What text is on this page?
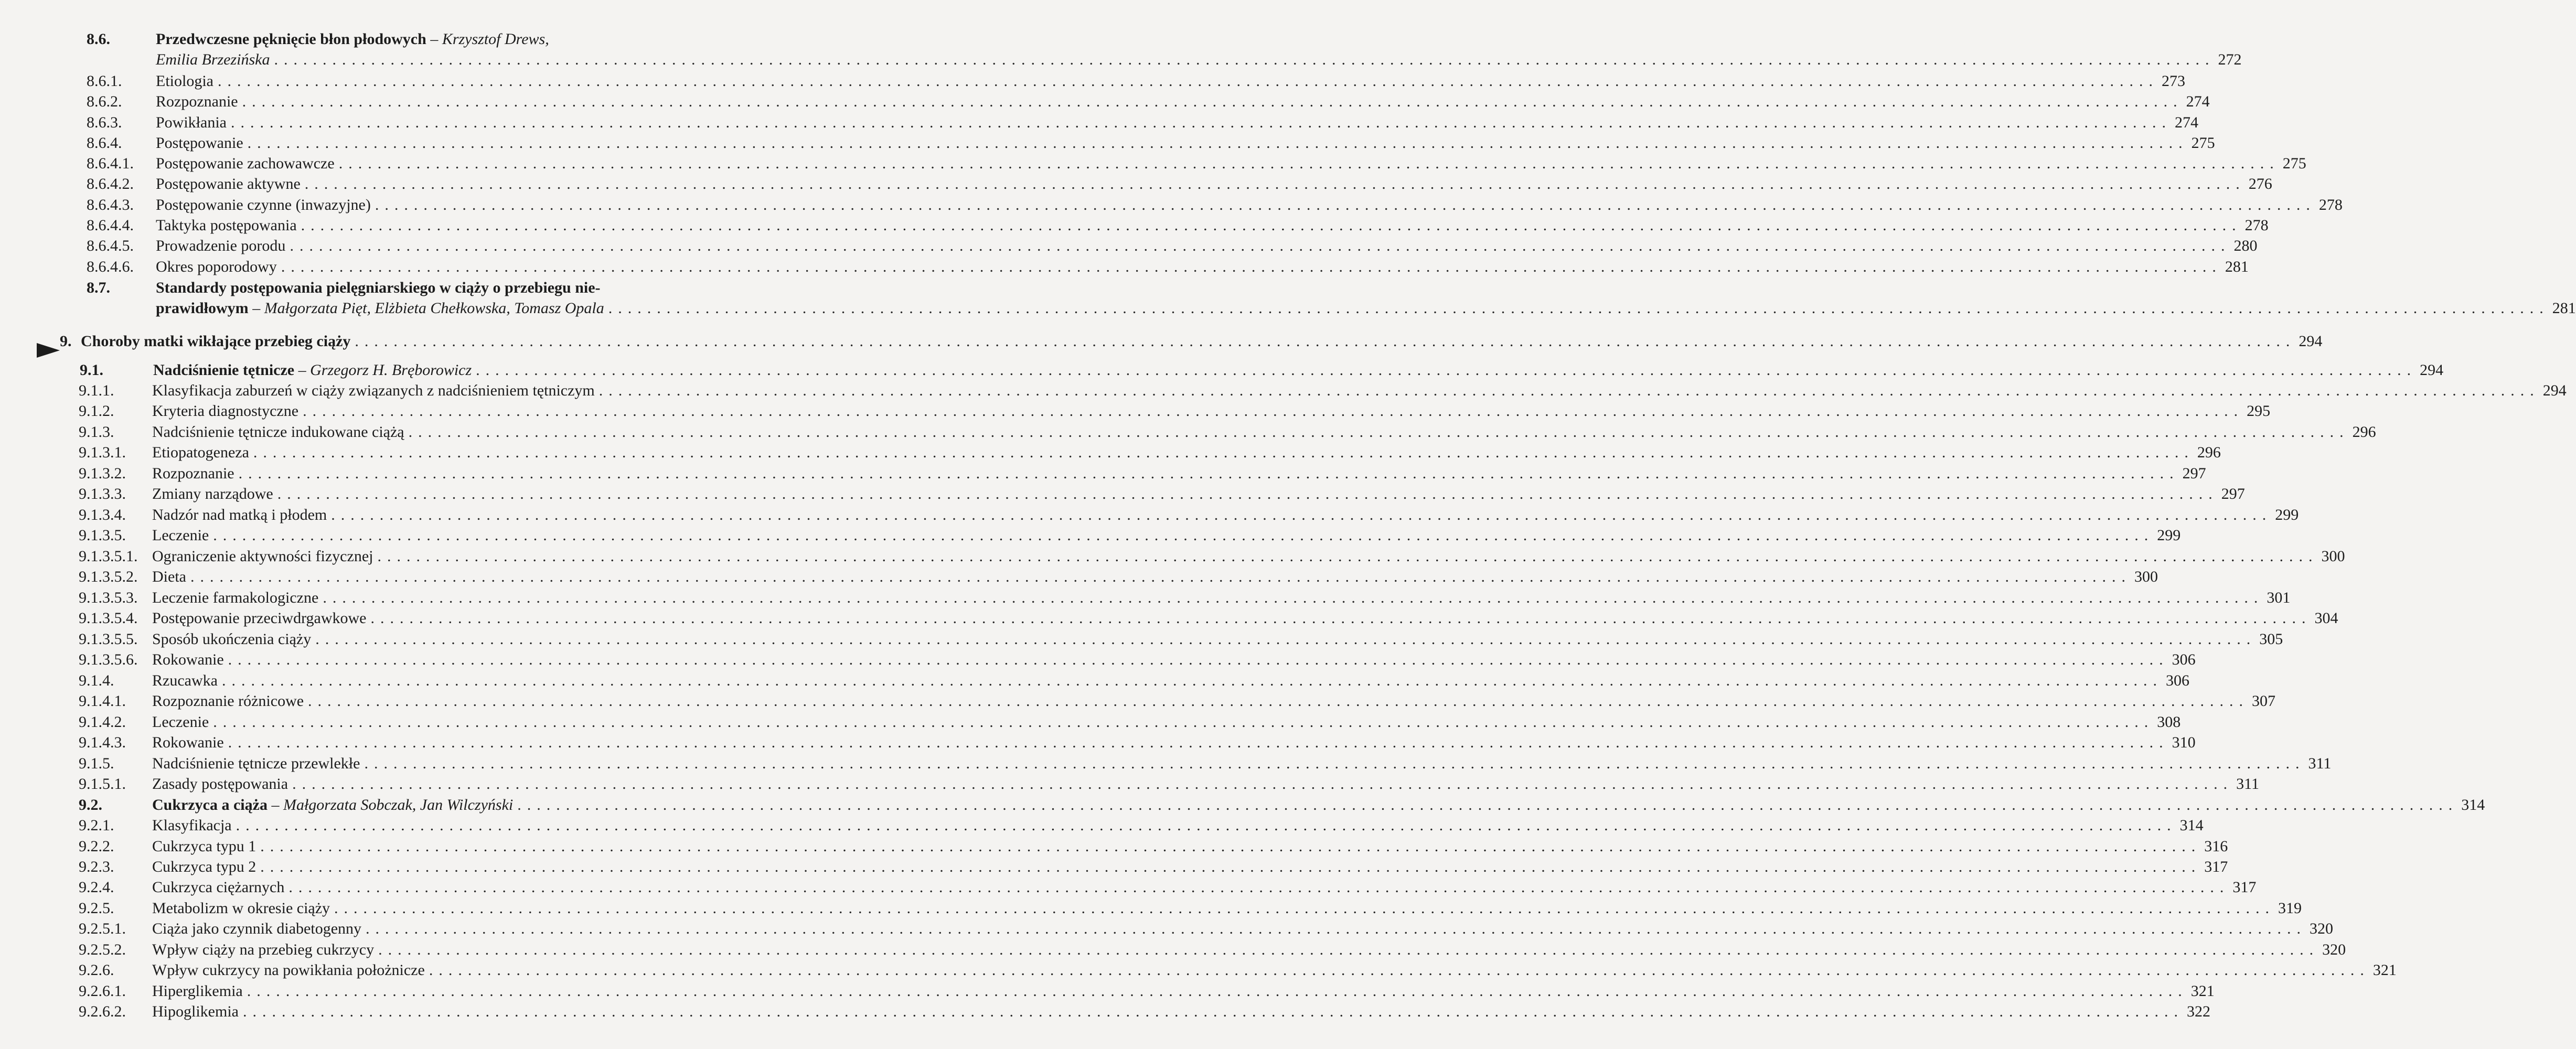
8.6.	Przedwczesne pęknięcie błon płodowych – Krzysztof Drews,
Emilia Brzezińska ........................................................................................................................................................................................................ 272
8.6.1. Etiologia ........................................................................................................................................................................................................ 273
8.6.2. Rozpoznanie ........................................................................................................................................................................................................ 274
8.6.3. Powikłania ........................................................................................................................................................................................................ 274
8.6.4. Postępowanie ........................................................................................................................................................................................................ 275
8.6.4.1. Postępowanie zachowawcze ........................................................................................................................................................................................................ 275
8.6.4.2. Postępowanie aktywne ........................................................................................................................................................................................................ 276
8.6.4.3. Postępowanie czynne (inwazyjne) ........................................................................................................................................................................................................ 278
8.6.4.4. Taktyka postępowania ........................................................................................................................................................................................................ 278
8.6.4.5. Prowadzenie porodu ........................................................................................................................................................................................................ 280
8.6.4.6. Okres poporodowy ........................................................................................................................................................................................................ 281
8.7.	Standardy postępowania pielęgniarskiego w ciąży o przebiegu nie-
prawidłowym – Małgorzata Pięt, Elżbieta Chełkowska, Tomasz Opala ........................................................................................................................................................................................................ 281
9. Choroby matki wikłające przebieg ciąży ........................................................................................................................................................................................................ 294
9.1.	Nadciśnienie tętnicze – Grzegorz H. Bręborowicz ........................................................................................................................................................................................................ 294
9.1.1. Klasyfikacja zaburzeń w ciąży związanych z nadciśnieniem tętniczym ........................................................................................................................................................................................................ 294
9.1.2. Kryteria diagnostyczne ........................................................................................................................................................................................................ 295
9.1.3. Nadciśnienie tętnicze indukowane ciążą ........................................................................................................................................................................................................ 296
9.1.3.1. Etiopatogeneza ........................................................................................................................................................................................................ 296
9.1.3.2. Rozpoznanie ........................................................................................................................................................................................................ 297
9.1.3.3. Zmiany narządowe ........................................................................................................................................................................................................ 297
9.1.3.4. Nadzór nad matką i płodem ........................................................................................................................................................................................................ 299
9.1.3.5. Leczenie ........................................................................................................................................................................................................ 299
9.1.3.5.1. Ograniczenie aktywności fizycznej ........................................................................................................................................................................................................ 300
9.1.3.5.2. Dieta ........................................................................................................................................................................................................ 300
9.1.3.5.3. Leczenie farmakologiczne ........................................................................................................................................................................................................ 301
9.1.3.5.4. Postępowanie przeciwdrgawkowe ........................................................................................................................................................................................................ 304
9.1.3.5.5. Sposób ukończenia ciąży ........................................................................................................................................................................................................ 305
9.1.3.5.6. Rokowanie ........................................................................................................................................................................................................ 306
9.1.4. Rzucawka ........................................................................................................................................................................................................ 306
9.1.4.1. Rozpoznanie różnicowe ........................................................................................................................................................................................................ 307
9.1.4.2. Leczenie ........................................................................................................................................................................................................ 308
9.1.4.3. Rokowanie ........................................................................................................................................................................................................ 310
9.1.5. Nadciśnienie tętnicze przewlekłe ........................................................................................................................................................................................................ 311
9.1.5.1. Zasady postępowania ........................................................................................................................................................................................................ 311
9.2.	Cukrzyca a ciąża – Małgorzata Sobczak, Jan Wilczyński ........................................................................................................................................................................................................ 314
9.2.1. Klasyfikacja ........................................................................................................................................................................................................ 314
9.2.2. Cukrzyca typu 1 ........................................................................................................................................................................................................ 316
9.2.3. Cukrzyca typu 2 ........................................................................................................................................................................................................ 317
9.2.4. Cukrzyca ciężarnych ........................................................................................................................................................................................................ 317
9.2.5. Metabolizm w okresie ciąży ........................................................................................................................................................................................................ 319
9.2.5.1. Ciąża jako czynnik diabetogenny ........................................................................................................................................................................................................ 320
9.2.5.2. Wpływ ciąży na przebieg cukrzycy ........................................................................................................................................................................................................ 320
9.2.6. Wpływ cukrzycy na powikłania położnicze ........................................................................................................................................................................................................ 321
9.2.6.1. Hiperglikemia ........................................................................................................................................................................................................ 321
9.2.6.2. Hipoglikemia ........................................................................................................................................................................................................ 322
